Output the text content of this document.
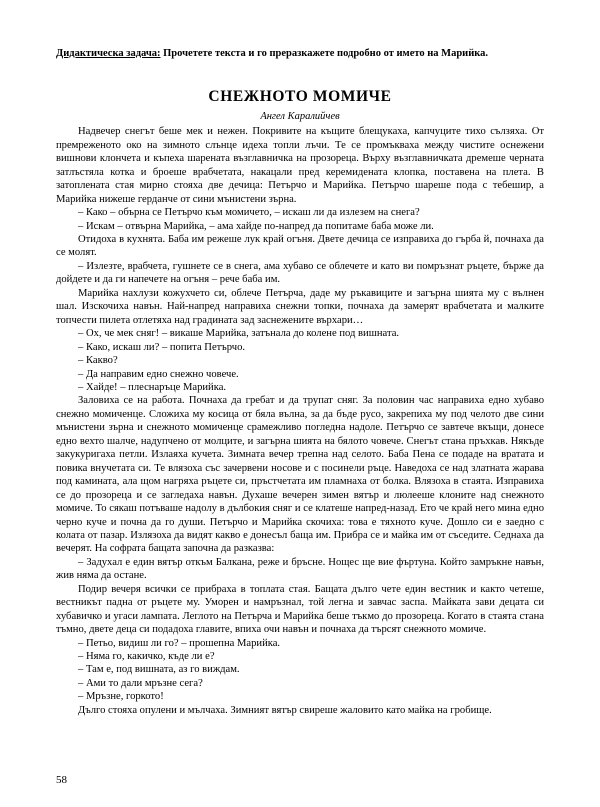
Дидактическа задача: Прочетете текста и го преразкажете подробно от името на Марийка.
СНЕЖНОТО МОМИЧЕ
Ангел Каралийчев

Надвечер снегът беше мек и нежен. Покривите на къщите блещукаха, капчуците тихо сълзяха. От премреженото око на зимното слънце идеха топли лъчи. Те се промъкваха между чистите оснежени вишнови клончета и къпеха шарената възглавничка на прозореца. Върху възглавничката дремеше черната затлъстяла котка и броеше врабчетата, накацали пред керемидената клопка, поставена на плета. В затоплената стая мирно стояха две дечица: Петърчо и Марийка. Петърчо шареше пода с тебешир, а Марийка нижеше герданче от сини мънистени зърна.

– Како – обърна се Петърчо към момичето, – искаш ли да излезем на снега?

– Искам – отвърна Марийка, – ама хайде по-напред да попитаме баба може ли.

Отидоха в кухнята. Баба им режеше лук край огъня. Двете дечица се изправиха до гърба й, почнаха да се молят.

– Излезте, врабчета, гушнете се в снега, ама хубаво се облечете и като ви помръзнат ръцете, бърже да дойдете и да ги напечете на огъня – рече баба им.

Марийка нахлузи кожухчето си, облече Петърча, даде му ръкавиците и загърна шията му с вълнен шал. Изскочиха навън. Най-напред направиха снежни топки, почнаха да замерят врабчетата и малките топчести пилета отлетяха над градината зад заснежените върхари…

– Ох, че мек сняг! – викаше Марийка, затънала до колене под вишната.

– Како, искаш ли? – попита Петърчо.

– Какво?

– Да направим едно снежно човече.

– Хайде! – плеснаръце Марийка.

Заловиха се на работа. Почнаха да гребат и да трупат сняг. За половин час направиха едно хубаво снежно момиченце. Сложиха му косица от бяла вълна, за да бъде русо, закрепиха му под челото две сини мънистени зърна и снежното момиченце срамежливо погледна надоле. Петърчо се завтече вкъщи, донесе едно вехто шалче, надупчено от молците, и загърна шията на бялото човече. Снегът стана пръхкав. Някъде закукуригаха петли. Излаяха кучета. Зимната вечер трепна над селото. Баба Пена се подаде на вратата и повика внучетата си. Те влязоха със зачервени носове и с посинели ръце. Наведоха се над златната жарава под камината, ала щом нагряха ръцете си, пръстчетата им пламнаха от болка. Влязоха в стаята. Изправиха се до прозореца и се загледаха навън. Духаше вечерен зимен вятър и люлееше клоните над снежното момиче. То сякаш потъваше надолу в дълбокия сняг и се клатеше напред-назад. Ето че край него мина едно черно куче и почна да го души. Петърчо и Марийка скочиха: това е тяхното куче. Дошло си е заедно с колата от пазар. Излязоха да видят какво е донесъл баща им. Прибра се и майка им от съседите. Седнаха да вечерят. На софрата бащата започна да разказва:

– Задухал е един вятър откъм Балкана, реже и бръсне. Нощес ще вие фъртуна. Който замръкне навън, жив няма да остане.

Подир вечеря всички се прибраха в топлата стая. Бащата дълго чете един вестник и както четеше, вестникът падна от ръцете му. Уморен и намръзнал, той легна и завчас заспа. Майката зави децата си хубавичко и угаси лампата. Леглото на Петърча и Марийка беше тъкмо до прозореца. Когато в стаята стана тъмно, двете деца си подадоха главите, впиха очи навън и почнаха да търсят снежното момиче.

– Петьо, видиш ли го? – прошепна Марийка.

– Няма го, какичко, къде ли е?

– Там е, под вишната, аз го виждам.

– Ами то дали мръзне сега?

– Мръзне, горкото!

Дълго стояха опулени и мълчаха. Зимният вятър свиреше жаловито като майка на гробище.

58
